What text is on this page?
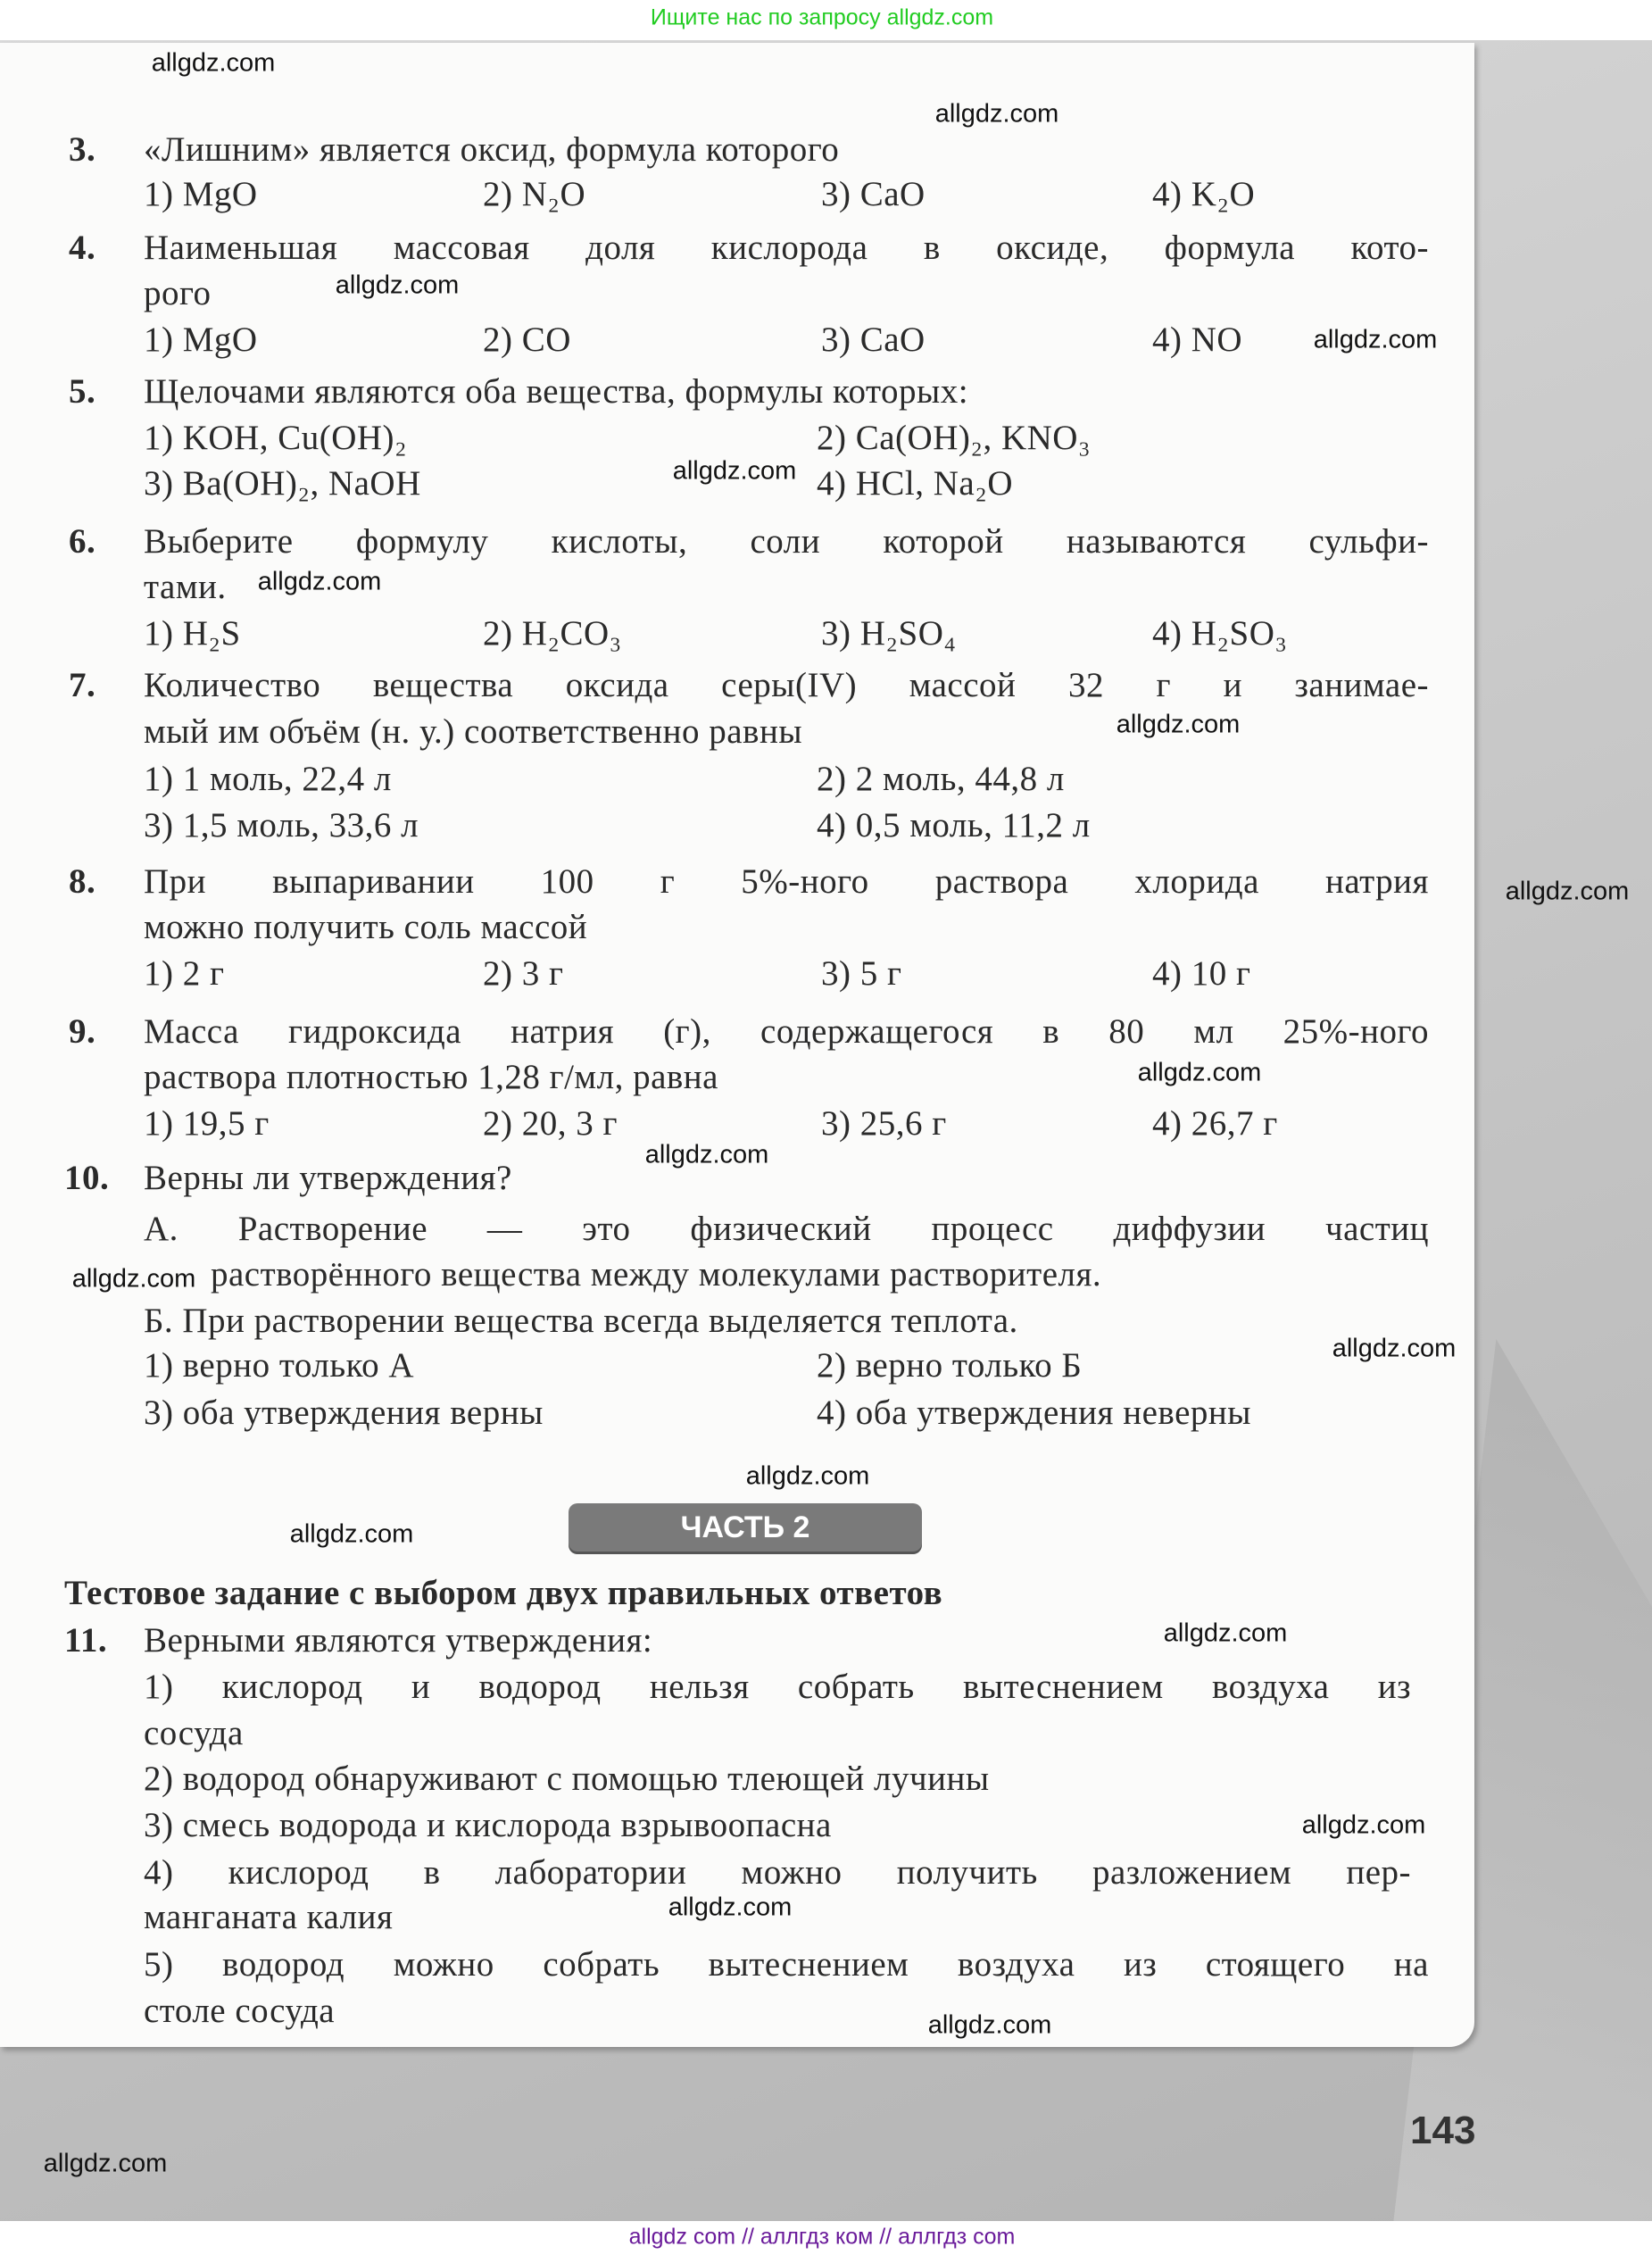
Ищите нас по запросу allgdz.com
3. «Лишним» является оксид, формула которого
1) MgO	2) N₂O	3) CaO	4) K₂O
4. Наименьшая массовая доля кислорода в оксиде, формула кото-
рого
1) MgO	2) CO	3) CaO	4) NO
5. Щелочами являются оба вещества, формулы которых:
1) KOH, Cu(OH)₂	2) Ca(OH)₂, KNO₃
3) Ba(OH)₂, NaOH	4) HCl, Na₂O
6. Выберите формулу кислоты, соли которой называются сульфи-
тами.
1) H₂S	2) H₂CO₃	3) H₂SO₄	4) H₂SO₃
7. Количество вещества оксида серы(IV) массой 32 г и занимае-
мый им объём (н. у.) соответственно равны
1) 1 моль, 22,4 л	2) 2 моль, 44,8 л
3) 1,5 моль, 33,6 л	4) 0,5 моль, 11,2 л
8. При выпаривании 100 г 5%-ного раствора хлорида натрия
можно получить соль массой
1) 2 г	2) 3 г	3) 5 г	4) 10 г
9. Масса гидроксида натрия (г), содержащегося в 80 мл 25%-ного
раствора плотностью 1,28 г/мл, равна
1) 19,5 г	2) 20, 3 г	3) 25,6 г	4) 26,7 г
10. Верны ли утверждения?
А. Растворение — это физический процесс диффузии частиц
растворённого вещества между молекулами растворителя.
Б. При растворении вещества всегда выделяется теплота.
1) верно только А	2) верно только Б
3) оба утверждения верны	4) оба утверждения неверны
ЧАСТЬ 2
Тестовое задание с выбором двух правильных ответов
11. Верными являются утверждения:
1) кислород и водород нельзя собрать вытеснением воздуха из
сосуда
2) водород обнаруживают с помощью тлеющей лучины
3) смесь водорода и кислорода взрывоопасна
4) кислород в лаборатории можно получить разложением пер-
манганата калия
5) водород можно собрать вытеснением воздуха из стоящего на
столе сосуда
143
allgdz.com
allgdz.com
allgdz.com
allgdz.com
allgdz.com
allgdz.com
allgdz.com
allgdz.com
allgdz.com
allgdz.com
allgdz.com
allgdz.com
allgdz.com
allgdz.com
allgdz.com
allgdz.com
allgdz.com
allgdz.com
allgdz.com
allgdz com // аллгдз ком // аллгдз com
